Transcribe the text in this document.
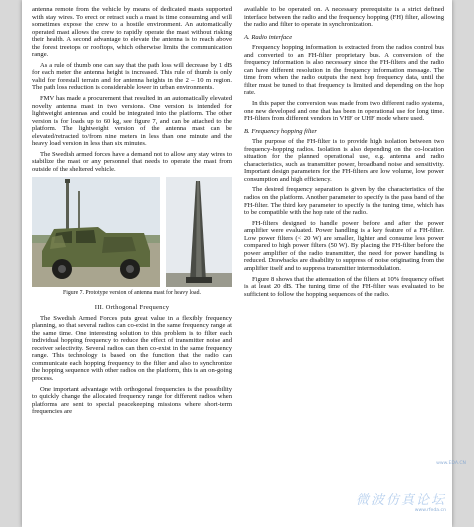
antenna remote from the vehicle by means of dedicated masts supported with stay wires. To erect or retract such a mast is time consuming and will sometimes expose the crew to a hostile environment. An automatically operated mast allows the crew to rapidly operate the mast without risking their health. A second advantage to elevate the antenna is to reach above the forest treetops or rooftops, which otherwise limits the communication range.

As a rule of thumb one can say that the path loss will decrease by 1 dB for each meter the antenna height is increased. This rule of thumb is only valid for forestall terrain and for antenna heights in the 2 – 10 m region. The path loss reduction is considerable lower in urban environments.

FMV has made a procurement that resulted in an automatically elevated novelty antenna mast in two versions. One version is intended for lightweight antennas and could be integrated into the platform. The other version is for loads up to 60 kg, see figure 7, and can be attached to the platform. The lightweight version of the antenna mast can be elevated/retracted to/from nine meters in less than one minute and the heavy load version in less than six minutes.

The Swedish armed forces have a demand not to allow any stay wires to stabilize the mast or any personnel that needs to operate the mast from outside of the sheltered vehicle.

Figure 7. Prototype version of antenna mast for heavy load.
III. Orthogonal Frequency

The Swedish Armed Forces puts great value in a flexibly frequency planning, so that several radios can co-exist in the same frequency range at the same time. One interesting solution to this problem is to filter each individual hopping frequency to reduce the effect of transmitter noise and receiver selectivity. Several radios can then co-exist in the same frequency range. This technology is based on the function that the radio can communicate each hopping frequency to the filter and also to synchronize the hopping sequence with other radios on the platform, this is an on-going process.

One important advantage with orthogonal frequencies is the possibility to quickly change the allocated frequency range for different radios when platforms are sent to special peacekeeping missions where short-term frequencies are

available to be operated on. A necessary prerequisite is a strict defined interface between the radio and the frequency hopping (FH) filter, allowing the radio and filter to operate in synchronization.

A. Radio interface

Frequency hopping information is extracted from the radios control bus and converted to an FH-filter proprietary bus. A conversion of the frequency information is also necessary since the FH-filters and the radio can have different resolution in the frequency information message. The time from when the radio outputs the next hop frequency data, until the filter must be tuned to that frequency is limited and depending on the hop rate.

In this paper the conversion was made from two different radio systems, one new developed and one that has been in operational use for long time. FH-filters from different vendors in VHF or UHF mode where used.

B. Frequency hopping filter

The purpose of the FH-filter is to provide high isolation between two frequency-hopping radios. Isolation is also depending on the co-location situation for the planned operational use, e.g. antenna and radio characteristics, such as transmitter power, broadband noise and sensitivity. Important design parameters for the FH-filters are low volume, low power consumption and high efficiency.

The desired frequency separation is given by the characteristics of the radios on the platform. Another parameter to specify is the pass band of the FH-filter. The third key parameter to specify is the tuning time, which has to be compatible with the hop rate of the radio.

FH-filters designed to handle power before and after the power amplifier were evaluated. Power handling is a key feature of a FH-filter. Low power filters (< 20 W) are smaller, lighter and consume less power compared to high power filters (50 W). By placing the FH-filter before the power amplifier of the radio transmitter, the need for power handling is reduced. Drawbacks are disability to suppress of noise originating from the amplifier itself and to suppress transmitter intermodulation.

Figure 8 shows that the attenuation of the filters at 10% frequency offset is at least 20 dB. The tuning time of the FH-filter was evaluated to be sufficient to follow the hopping sequences of the radio.

www.EDA.CN
微波仿真论坛
www.rfeda.cn
